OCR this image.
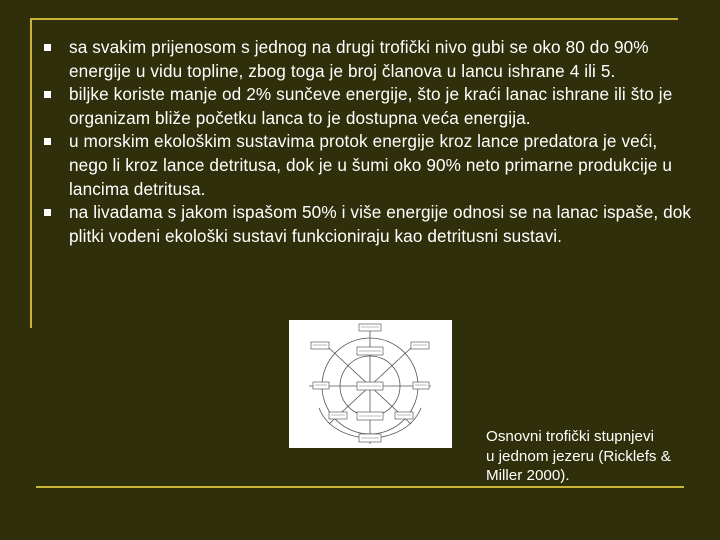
sa svakim prijenosom s jednog na drugi trofički nivo gubi se oko 80 do 90% energije u vidu topline, zbog toga je broj članova u lancu ishrane 4 ili 5.
biljke koriste manje od 2% sunčeve energije, što je kraći lanac ishrane ili što je organizam bliže početku lanca to je dostupna veća energija.
u morskim ekološkim sustavima protok energije kroz lance predatora je veći, nego li kroz lance detritusa, dok je u šumi oko 90% neto primarne produkcije u lancima detritusa.
na livadama s jakom ispašom 50% i više energije odnosi se na lanac ispaše, dok plitki vodeni ekološki sustavi funkcioniraju kao detritusni sustavi.
Osnovni trofički stupnjevi
u jednom jezeru (Ricklefs &
Miller 2000).
